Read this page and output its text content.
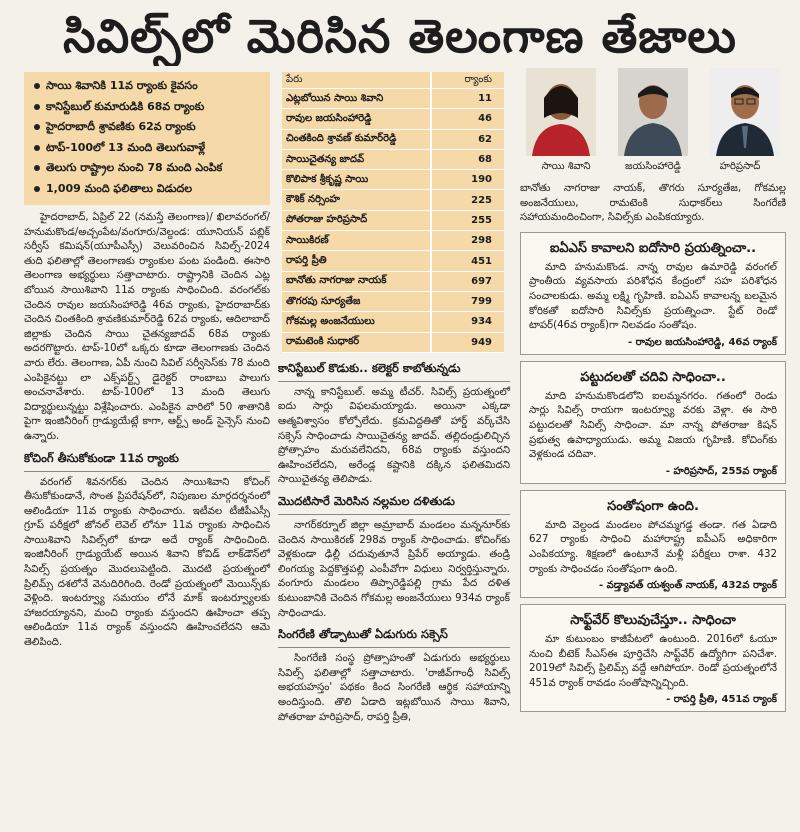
సివిల్స్‌లో మెరిసిన తెలంగాణ తేజాలు
సాయి శివానికి 11వ ర్యాంకు కైవసం
కానిస్టేబుల్ కుమారుడికి 68వ ర్యాంకు
హైదరాబాదీ శ్రావణికు 62వ ర్యాంకు
టాప్-100లో 13 మంది తెలుగువాళ్లే
తెలుగు రాష్ట్రాల నుంచి 78 మంది ఎంపిక
1,009 మంది ఫలితాలు విడుదల

హైదరాబాద్, ఏప్రిల్ 22 (నమస్తే తెలంగాణ)/ ఖిలావరంగల్/హనుమకొండ/అచ్చంపేట/వంగూరు/వెల్దండ: యూనియన్ పబ్లిక్ సర్వీస్ కమిషన్(యూపీఎస్సీ) వెలువరించిన సివిల్స్-2024 తుది ఫలితాల్లో తెలంగాణకు ర్యాంకుల పంట పండింది. ఈసారి తెలంగాణ అభ్యర్థులు సత్తాచాటారు. రాష్ట్రానికి చెందిన ఎట్ల బోయిన సాయిశివాని 11వ ర్యాంకు సాధించింది. వరంగల్‌కు చెందిన రావుల జయసింహారెడ్డి 46వ ర్యాంకు, హైదరాబాద్‌కు చెందిన చింతకింది శ్రావణికుమార్‌రెడ్డి 62వ ర్యాంకు, ఆదిలాబాద్ జిల్లాకు చెందిన సాయి చైతన్యజాదవ్ 68వ ర్యాంకు అదరగొట్టారు. టాప్-10లో ఒక్కరు కూడా తెలంగాణకు చెందిన వారు లేరు. తెలంగాణ, ఏపీ నుంచి సివిల్ సర్వీసెస్‌కు 78 మంది ఎంపికైనట్టు లా ఎక్స్‌పర్ట్స్ డైరెక్టర్ రాంబాబు పాలుగు అంచనావేశారు. టాప్-100లో 13 మంది తెలుగు విద్యార్థులున్నట్టు విశ్లేషించారు. ఎంపికైన వారిలో 50 శాతానికి పైగా ఇంజినీరింగ్ గ్రాడ్యుయేట్లే కాగా, ఆర్ట్స్ అండ్ సైన్సెస్ నుంచి ఉన్నారు.

కోచింగ్ తీసుకోకుండా 11వ ర్యాంకు

వరంగల్ శివనగర్‌కు చెందిన సాయిశివాని కోచింగ్ తీసుకోకుండానే, సొంత ప్రిపరేషన్‌లో, నిపుణుల మార్గదర్శనంలో ఆలిండియా 11వ ర్యాంకు సాధించారు. ఇటీవల టీజీపీఎస్సీ గ్రూప్ పరీక్షలో జోనల్ లెవెల్ లోనూ 11వ ర్యాంకు సాధించిన సాయిశివాని సివిల్స్‌లో కూడా అదే ర్యాంక్ సాధించింది. ఇంజినీరింగ్ గ్రాడ్యుయేట్ అయిన శివాని కోవిడ్ లాక్‌డౌన్‌లో సివిల్స్ ప్రయత్నం మొదలుపెట్టింది. మొదటి ప్రయత్నంలో ప్రిలిమ్స్ దశలోనే వెనుదిరిగింది. రెండో ప్రయత్నంలో మెయిన్స్‌కు వెళ్లింది. ఇంటర్వ్యూ సమయం లోనే మాక్ ఇంటర్వ్యూలకు హాజరయ్యానని, మంచి ర్యాంకు వస్తుందని ఊహించా తప్ప ఆలిండియా 11వ ర్యాంక్ వస్తుందని ఊహించలేదని ఆమె తెలిపింది.

పేరు	ర్యాంకు
ఎట్లబోయిన సాయి శివాని	11
రావుల జయసింహారెడ్డి	46
చింతకింది శ్రావణ్ కుమార్‌రెడ్డి	62
సాయిచైతన్య జాదవ్	68
కొలిపాక శ్రీకృష్ణ సాయి	190
కౌశిక్ నర్సింహ	225
పోతరాజు హరిప్రసాద్	255
సాయికిరణ్	298
రాపర్తి ప్రీతి	451
బానోతు నాగరాజు నాయక్	697
తొగరపు సూర్యతేజ	799
గోకమల్ల అంజనేయులు	934
రామటెంకి సుధాకర్	949
కానిస్టేబుల్ కొడుకు.. కలెక్టర్ కాబోతున్నడు

నాన్న కానిస్టేబుల్. అమ్మ టీచర్. సివిల్స్ ప్రయత్నంలో ఐదు సార్లు విఫలమయ్యాడు. అయినా ఎక్కడా ఆత్మవిశ్వాసం కోల్పోలేదు. క్రమవిద్దతితో హార్డ్ వర్క్‌చేసి సక్సెస్ సాధించాడు సాయిచైతన్య జాదవ్. తల్లిదండ్రులిచ్చిన ప్రోత్సాహం మరువలేనిదని, 68వ ర్యాంకు వస్తుందని ఊహించలేదని, అరేండ్ల కష్టానికి దక్కిన ఫలితమిదని సాయిచైతన్య తెలిపాడు.

మొదటిసారే మెరిసిన నల్లమల దళితుడు

నాగర్‌కర్నూల్ జిల్లా అమ్రాబాద్ మండలం మన్ననూర్‌కు చెందిన సాయికిరణ్ 298వ ర్యాంక్ సాధించాడు. కోచింగ్‌కు వెళ్లకుండా ఢిల్లీ చదువుతూనే ప్రిపేర్ అయ్యాడు. తండ్రి లింగయ్య పెద్దకొత్తపల్లి ఎంపీవోగా విధులు నిర్వర్తిస్తున్నారు. వంగూరు మండలం తిప్పారెడ్డిపల్లి గ్రామ పేద దళిత కుటుంబానికి చెందిన గోకమల్ల అంజనేయులు 934వ ర్యాంక్ సాధించాడు.

సింగరేణి తోడ్పాటుతో ఏడుగురు సక్సెస్

సింగరేణి సంస్థ ప్రోత్సాహంతో ఏడుగురు అభ్యర్థులు సివిల్స్ ఫలితాల్లో సత్తాచాటారు. 'రాజీవ్‌గాంధీ సివిల్స్ అభయహస్తం' పథకం కింద సింగరేణి ఆర్థిక సహాయాన్ని అందిస్తుంది. తొలి ఏడాది ఇట్లబోయిన సాయి శివాని, పోతరాజు హరిప్రసాద్, రాపర్తి ప్రీతి,

సాయి శివాని	జయసింహారెడ్డి	హరిప్రసాద్

బానోతు నాగరాజు నాయక్, తొగరు సూర్యతేజ, గోకమల్ల అంజనేయులు, రామటెంకి సుధాకర్‌లు సింగరేణి సహాయమందించింగా, సివిల్స్‌కు ఎంపికయ్యారు.

ఐఏఎస్ కావాలని ఐదోసారి ప్రయత్నించా..

మాది హనుమకొండ. నాన్న రావుల ఉమారెడ్డి వరంగల్ ప్రాంతీయ వ్యవసాయ పరిశోధన కేంద్రంలో సహ పరిశోధన సంచాలకుడు. అమ్మ లక్ష్మి గృహిణి. ఐఏఎస్ కావాలన్న బలమైన కోరికతో ఐదోసారి సివిల్స్‌కు ప్రయత్నించా. స్టేట్ రెండో టాపర్(46వ ర్యాంక్)గా నిలవడం సంతోషం.

- రావుల జయసింహారెడ్డి, 46వ ర్యాంక్
పట్టుదలతో చదివి సాధించా..

మాది హనుమకొండలోని ఐలమ్మనగరం. గతంలో రెండు సార్లు సివిల్స్ రాయగా ఇంటర్వ్యూ వరకు వెళ్లా. ఈ సారి పట్టుదలతో సివిల్స్ సాధించా. మా నాన్న పోతరాజు కిషన్ ప్రభుత్వ ఉపాధ్యాయుడు. అమ్మ విజయ గృహిణి. కోచింగ్‌కు వెళ్లకుండ చదివా.

- హరిప్రసాద్, 255వ ర్యాంక్
సంతోషంగా ఉంది.

మాది వెల్దండ మండలం పోచమ్మగడ్డ తండా. గత ఏడాది 627 ర్యాంకు సాధించి మహారాష్ట్ర ఐపీఎస్ అధికారిగా ఎంపికయ్యా. శిక్షణలో ఉంటూనే మళ్లీ పరీక్షలు రాశా. 432 ర్యాంకు సాధించడం సంతోషంగా ఉంది.

- వడ్త్యావత్ యశ్వంత్ నాయక్, 432వ ర్యాంక్
సాఫ్ట్‌వేర్ కొలువుచేస్తూ.. సాధించా

మా కుటుంబం కాజీపేటలో ఉంటుంది. 2016లో ఓయూ నుంచి బీటెక్ సీఎస్ఈ పూర్తిచేసి సాఫ్ట్‌వేర్ ఉద్యోగిగా పనిచేశా. 2019లో సివిల్స్ ప్రిలిమ్స్ వద్దే ఆగిపోయా. రెండో ప్రయత్నంలోనే 451వ ర్యాంక్ రావడం సంతోషాన్నిచ్చింది.

- రాపర్తి ప్రీతి, 451వ ర్యాంక్
